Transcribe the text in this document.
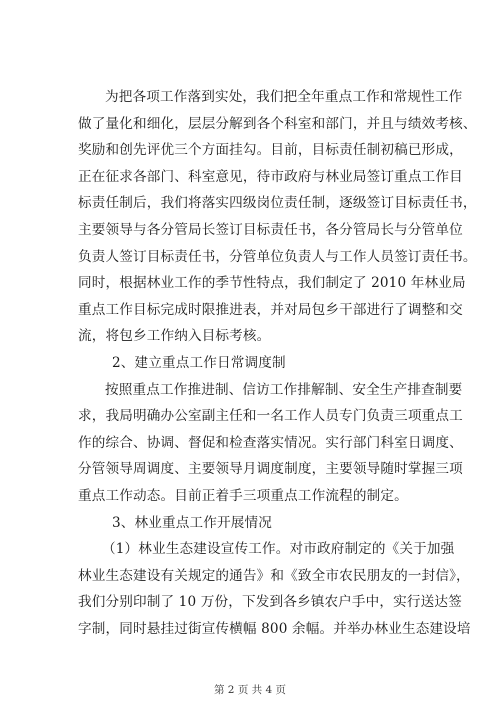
为把各项工作落到实处，我们把全年重点工作和常规性工作
做了量化和细化，层层分解到各个科室和部门，并且与绩效考核、
奖励和创先评优三个方面挂勾。目前，目标责任制初稿已形成，
正在征求各部门、科室意见，待市政府与林业局签订重点工作目
标责任制后，我们将落实四级岗位责任制，逐级签订目标责任书，
主要领导与各分管局长签订目标责任书，各分管局长与分管单位
负责人签订目标责任书，分管单位负责人与工作人员签订责任书。
同时，根据林业工作的季节性特点，我们制定了 2010 年林业局
重点工作目标完成时限推进表，并对局包乡干部进行了调整和交
流，将包乡工作纳入目标考核。
2、建立重点工作日常调度制
按照重点工作推进制、信访工作排解制、安全生产排查制要
求，我局明确办公室副主任和一名工作人员专门负责三项重点工
作的综合、协调、督促和检查落实情况。实行部门科室日调度、
分管领导周调度、主要领导月调度制度，主要领导随时掌握三项
重点工作动态。目前正着手三项重点工作流程的制定。
3、林业重点工作开展情况
（1）林业生态建设宣传工作。对市政府制定的《关于加强
林业生态建设有关规定的通告》和《致全市农民朋友的一封信》，
我们分别印制了 10 万份，下发到各乡镇农户手中，实行送达签
字制，同时悬挂过街宣传横幅 800 余幅。并举办林业生态建设培
第 2 页 共 4 页
